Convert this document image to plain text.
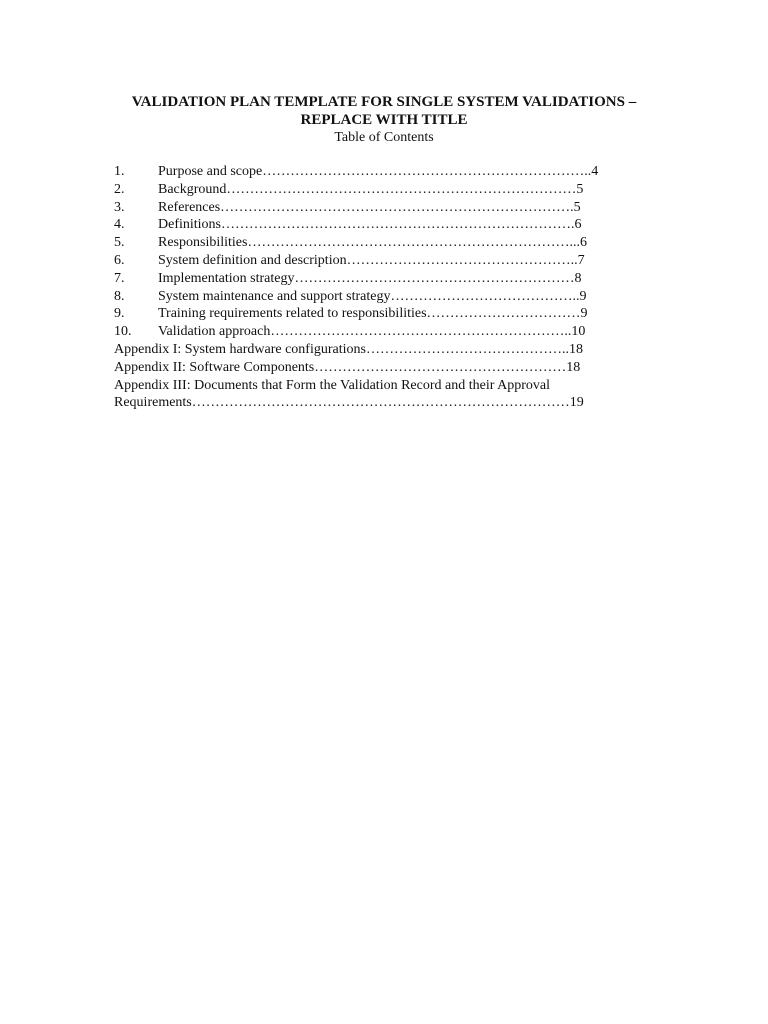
VALIDATION PLAN TEMPLATE FOR SINGLE SYSTEM VALIDATIONS –
REPLACE WITH TITLE
Table of Contents
1. Purpose and scope……………………………………………………………..4
2. Background…………………………………………………………………5
3. References………………………………………………………………….5
4. Definitions………………………………………………………………….6
5. Responsibilities……………………………………………………………...6
6. System definition and description…………………………………………..7
7. Implementation strategy……………………………………………………8
8. System maintenance and support strategy…………………………………..9
9. Training requirements related to responsibilities……………………………9
10. Validation approach………………………………………………………..10
Appendix I: System hardware configurations……………………………………..18
Appendix II: Software Components………………………………………………18
Appendix III: Documents that Form the Validation Record and their Approval
Requirements………………………………………………………………………19
